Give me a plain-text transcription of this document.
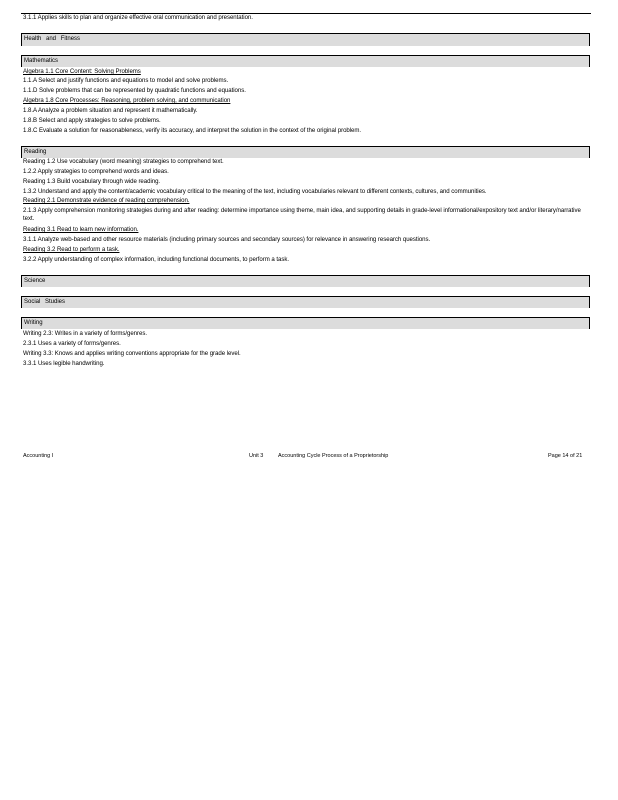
3.1.1 Applies skills to plan and organize effective oral communication and presentation.
Health and Fitness
Mathematics
Algebra 1.1 Core Content: Solving Problems
1.1.A Select and justify functions and equations to model and solve problems.
1.1.D Solve problems that can be represented by quadratic functions and equations.
Algebra 1.8 Core Processes: Reasoning, problem solving, and communication
1.8.A Analyze a problem situation and represent it mathematically.
1.8.B Select and apply strategies to solve problems.
1.8.C Evaluate a solution for reasonableness, verify its accuracy, and interpret the solution in the context of the original problem.
Reading
Reading 1.2 Use vocabulary (word meaning) strategies to comprehend text.
1.2.2 Apply strategies to comprehend words and ideas.
Reading 1.3 Build vocabulary through wide reading.
1.3.2 Understand and apply the content/academic vocabulary critical to the meaning of the text, including vocabularies relevant to different contexts, cultures, and communities.
Reading 2.1 Demonstrate evidence of reading comprehension.
2.1.3 Apply comprehension monitoring strategies during and after reading: determine importance using theme, main idea, and supporting details in grade-level informational/expository text and/or literary/narrative text.
Reading 3.1 Read to learn new information.
3.1.1 Analyze web-based and other resource materials (including primary sources and secondary sources) for relevance in answering research questions.
Reading 3.2 Read to perform a task.
3.2.2 Apply understanding of complex information, including functional documents, to perform a task.
Science
Social Studies
Writing
Writing 2.3: Writes in a variety of forms/genres.
2.3.1 Uses a variety of forms/genres.
Writing 3.3: Knows and applies writing conventions appropriate for the grade level.
3.3.1 Uses legible handwriting.
Accounting I	Unit 3	Accounting Cycle Process of a Proprietorship	Page 14 of 21
